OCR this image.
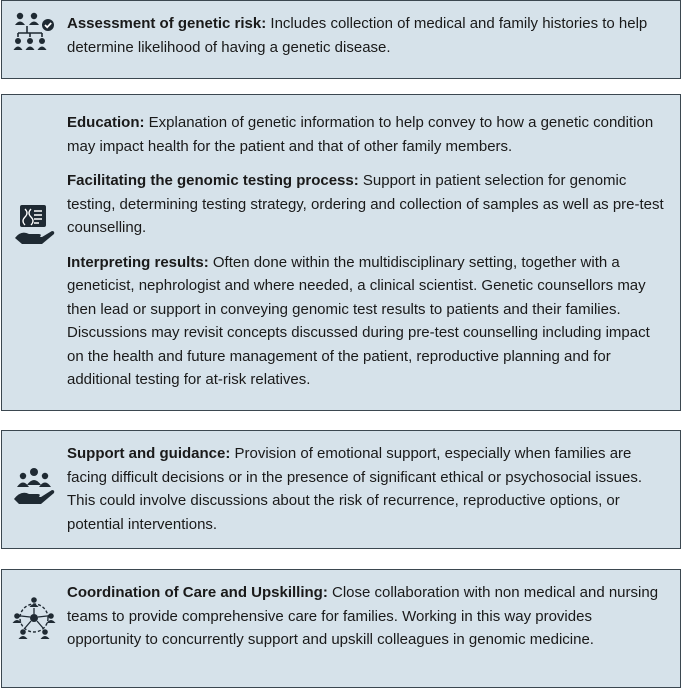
Assessment of genetic risk: Includes collection of medical and family histories to help determine likelihood of having a genetic disease.

Education: Explanation of genetic information to help convey to how a genetic condition may impact health for the patient and that of other family members.

Facilitating the genomic testing process: Support in patient selection for genomic testing, determining testing strategy, ordering and collection of samples as well as pre-test counselling.

Interpreting results: Often done within the multidisciplinary setting, together with a geneticist, nephrologist and where needed, a clinical scientist. Genetic counsellors may then lead or support in conveying genomic test results to patients and their families. Discussions may revisit concepts discussed during pre-test counselling including impact on the health and future management of the patient, reproductive planning and for additional testing for at-risk relatives.

Support and guidance: Provision of emotional support, especially when families are facing difficult decisions or in the presence of significant ethical or psychosocial issues. This could involve discussions about the risk of recurrence, reproductive options, or potential interventions.

Coordination of Care and Upskilling: Close collaboration with non medical and nursing teams to provide comprehensive care for families. Working in this way provides opportunity to concurrently support and upskill colleagues in genomic medicine.
